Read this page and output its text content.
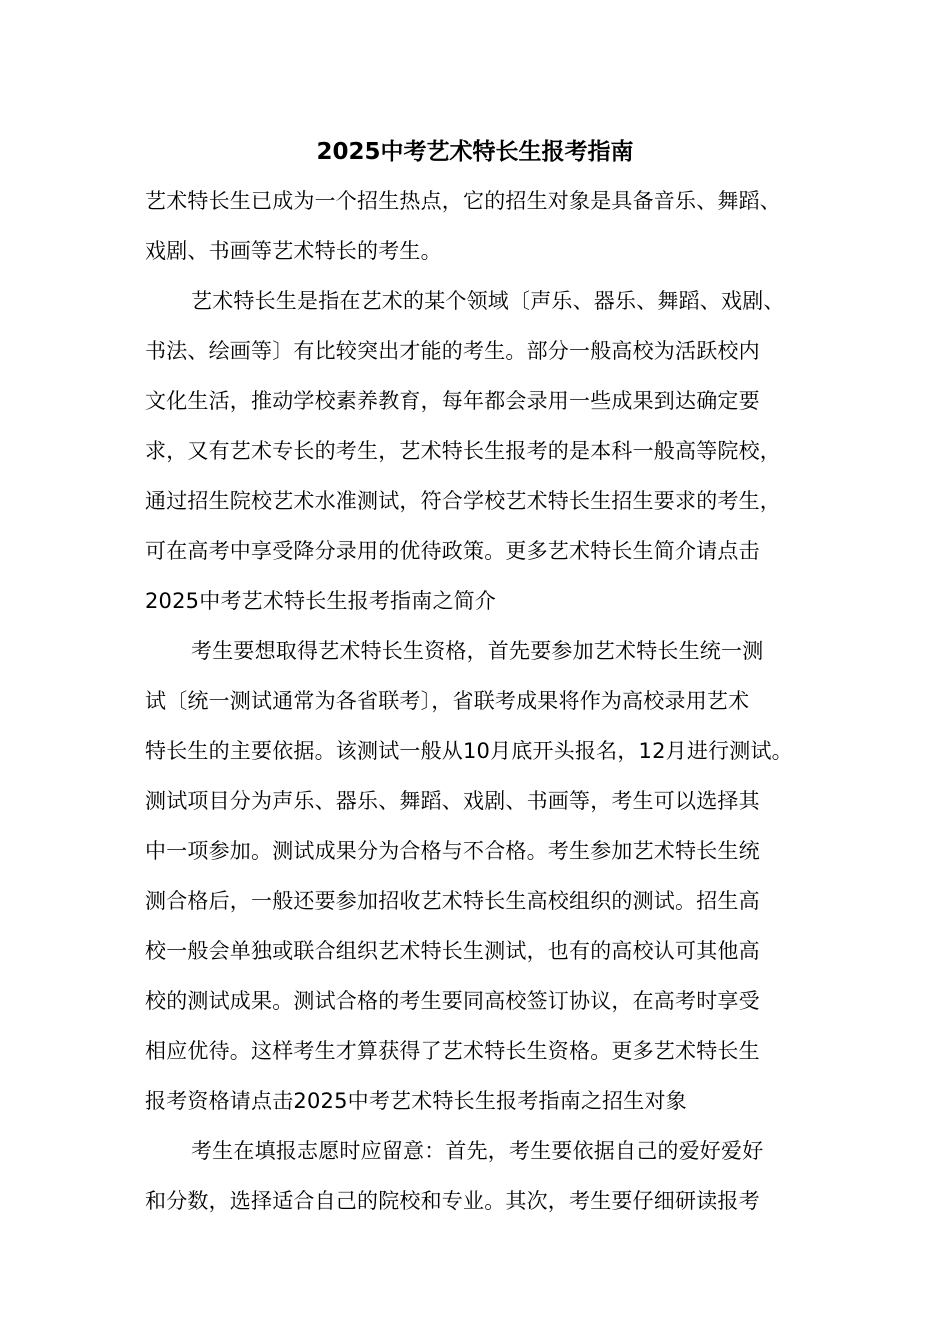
2025中考艺术特长生报考指南
艺术特长生已成为一个招生热点，它的招生对象是具备音乐、舞蹈、
戏剧、书画等艺术特长的考生。
艺术特长生是指在艺术的某个领域〔声乐、器乐、舞蹈、戏剧、
书法、绘画等〕有比较突出才能的考生。部分一般高校为活跃校内
文化生活，推动学校素养教育，每年都会录用一些成果到达确定要
求，又有艺术专长的考生，艺术特长生报考的是本科一般高等院校，
通过招生院校艺术水准测试，符合学校艺术特长生招生要求的考生，
可在高考中享受降分录用的优待政策。更多艺术特长生简介请点击
2025中考艺术特长生报考指南之简介
考生要想取得艺术特长生资格，首先要参加艺术特长生统一测
试〔统一测试通常为各省联考〕，省联考成果将作为高校录用艺术
特长生的主要依据。该测试一般从10月底开头报名，12月进行测试。
测试项目分为声乐、器乐、舞蹈、戏剧、书画等，考生可以选择其
中一项参加。测试成果分为合格与不合格。考生参加艺术特长生统
测合格后，一般还要参加招收艺术特长生高校组织的测试。招生高
校一般会单独或联合组织艺术特长生测试，也有的高校认可其他高
校的测试成果。测试合格的考生要同高校签订协议，在高考时享受
相应优待。这样考生才算获得了艺术特长生资格。更多艺术特长生
报考资格请点击2025中考艺术特长生报考指南之招生对象
考生在填报志愿时应留意：首先，考生要依据自己的爱好爱好
和分数，选择适合自己的院校和专业。其次，考生要仔细研读报考
